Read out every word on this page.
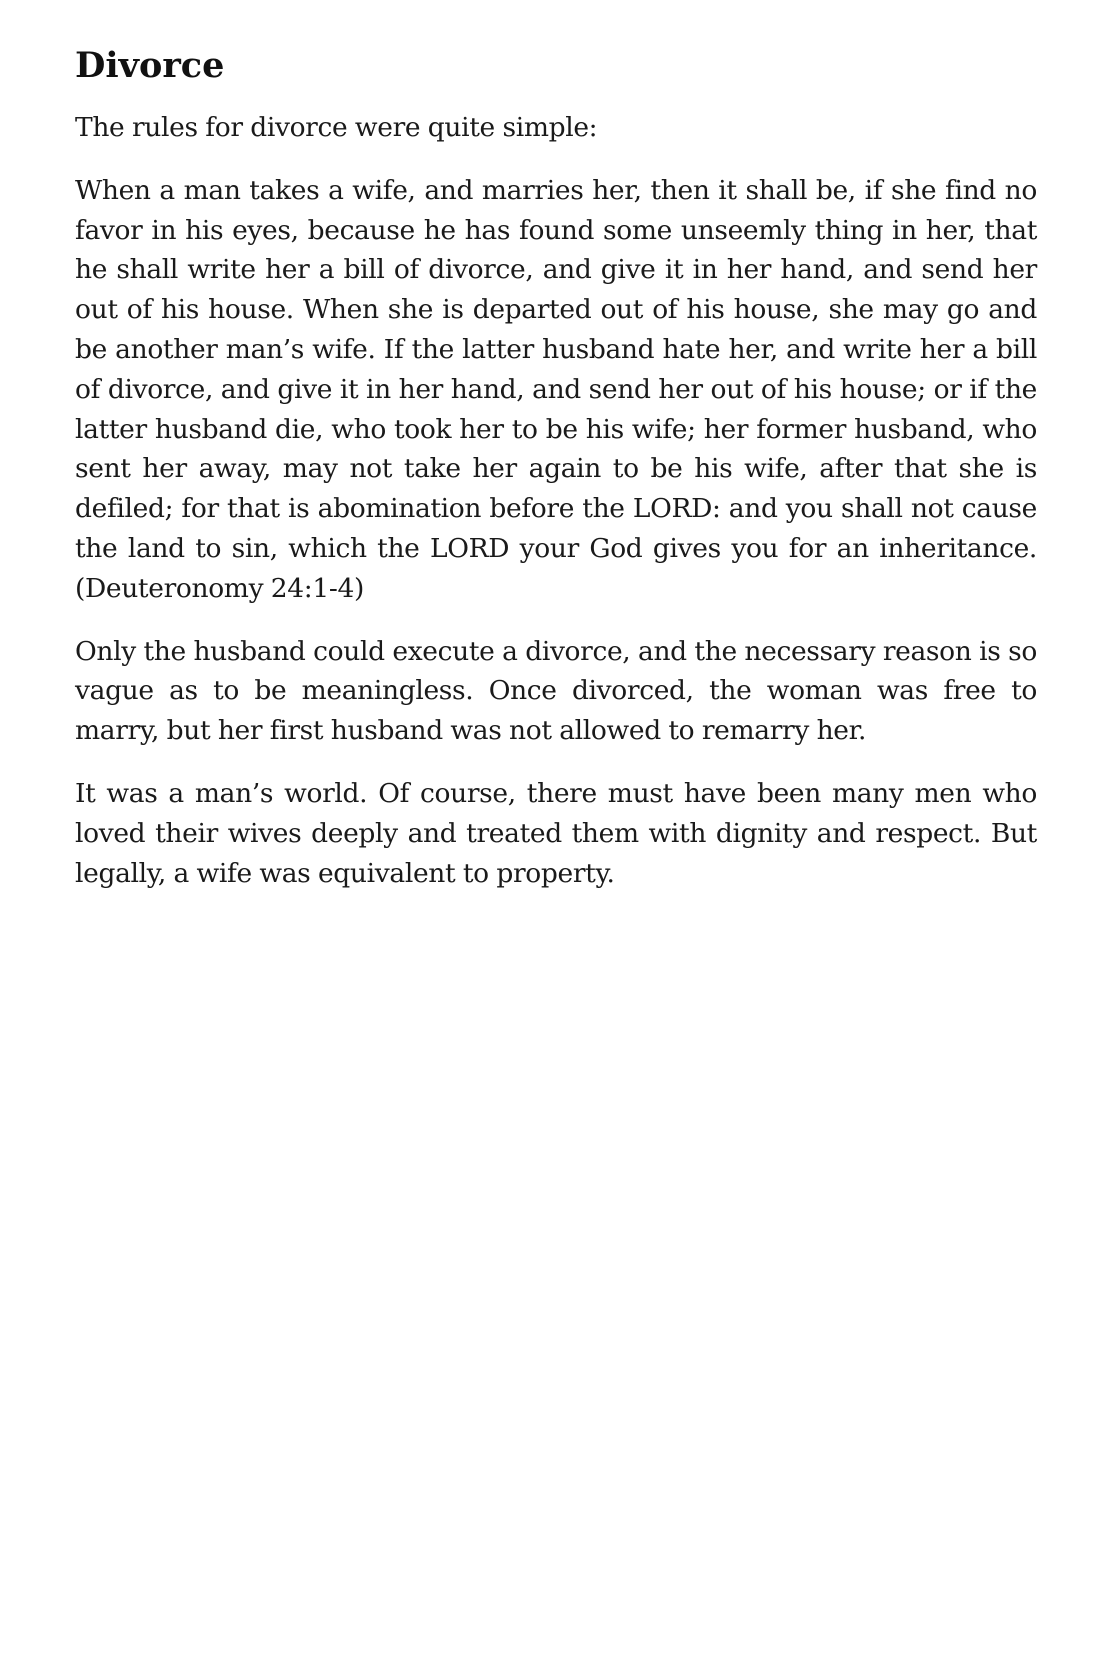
Divorce

The rules for divorce were quite simple:

When a man takes a wife, and marries her, then it shall be, if she find no favor in his eyes, because he has found some unseemly thing in her, that he shall write her a bill of divorce, and give it in her hand, and send her out of his house. When she is departed out of his house, she may go and be another man’s wife. If the latter husband hate her, and write her a bill of divorce, and give it in her hand, and send her out of his house; or if the latter husband die, who took her to be his wife; her former husband, who sent her away, may not take her again to be his wife, after that she is defiled; for that is abomination before the LORD: and you shall not cause the land to sin, which the LORD your God gives you for an inheritance. (Deuteronomy 24:1-4)

Only the husband could execute a divorce, and the necessary reason is so vague as to be meaningless. Once divorced, the woman was free to marry, but her first husband was not allowed to remarry her.

It was a man’s world. Of course, there must have been many men who loved their wives deeply and treated them with dignity and respect. But legally, a wife was equivalent to property.
